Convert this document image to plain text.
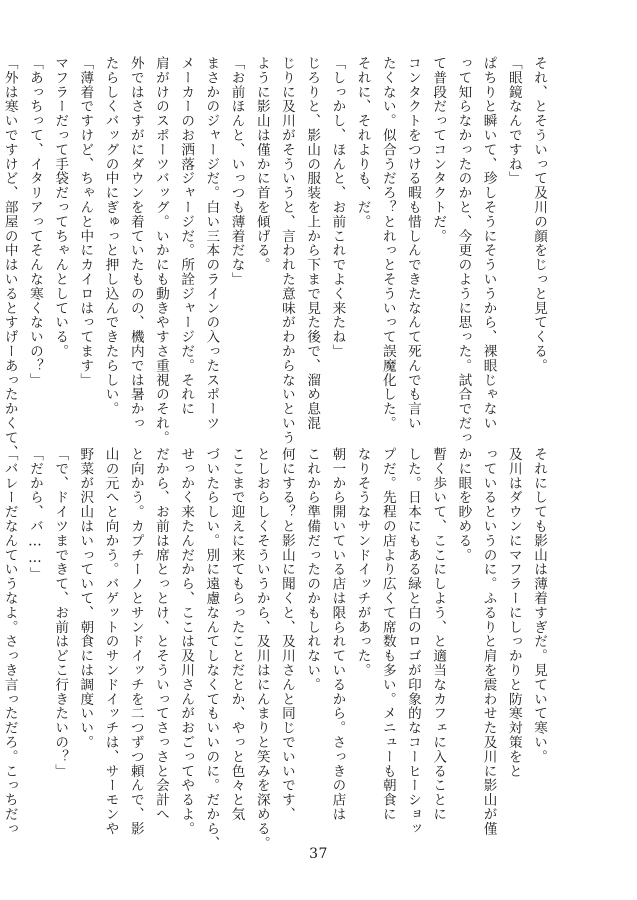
それ、とそういって及川の顔をじっと見てくる。
「眼鏡なんですね」
ぱちりと瞬いて、珍しそうにそういうから、裸眼じゃない
って知らなかったのかと、今更のように思った。試合でだっ
て普段だってコンタクトだ。
コンタクトをつける暇も惜しんできたなんて死んでも言い
たくない。似合うだろ？とれっとそういって誤魔化した。
それに、それよりも、だ。
「しっかし、ほんと、お前これでよく来たね」
じろりと、影山の服装を上から下まで見た後で、溜め息混
じりに及川がそういうと、言われた意味がわからないという
ように影山は僅かに首を傾げる。
「お前ほんと、いっつも薄着だな」
まさかのジャージだ。白い三本のラインの入ったスポーツ
メーカーのお洒落ジャージだ。所詮ジャージだ。それに
肩がけのスポーツバッグ。いかにも動きやすさ重視のそれ。
外ではさすがにダウンを着ていたものの、機内では暑かっ
たらしくバッグの中にぎゅっと押し込んできたらしい。
「薄着ですけど、ちゃんと中にカイロはってます」
マフラーだって手袋だってちゃんとしている。
「あっちって、イタリアってそんな寒くないの？」
「外は寒いですけど、部屋の中はいるとすげーあったかくて、
それにしても影山は薄着すぎだ。見ていて寒い。
及川はダウンにマフラーにしっかりと防寒対策をと
っているというのに。ふるりと肩を震わせた及川に影山が僅
かに眼を眇める。
暫く歩いて、ここにしよう、と適当なカフェに入ることに
した。日本にもある緑と白のロゴが印象的なコーヒーショッ
プだ。先程の店より広くて席数も多い。メニューも朝食に
なりそうなサンドイッチがあった。
朝一から開いている店は限られているから。さっきの店は
これから準備だったのかもしれない。
何にする？と影山に聞くと、及川さんと同じでいいです、
としおらしくそういうから、及川はにんまりと笑みを深める。
ここまで迎えに来てもらったことだとか、やっと色々と気
づいたらしい。別に遠慮なんてしなくてもいいのに。だから、
せっかく来たんだから、ここは及川さんがおごってやるよ。
だから、お前は席とっとけ、とそういってさっさと会計へ
と向かう。カプチーノとサンドイッチを二つずつ頼んで、影
山の元へと向かう。バゲットのサンドイッチは、サーモンや
野菜が沢山はいっていて、朝食には調度いい。
「で、ドイツまできて、お前はどこ行きたいの？」
「だから、バ……」
「バレーだなんていうなよ。さっき言っただろ。こっちだっ
37
